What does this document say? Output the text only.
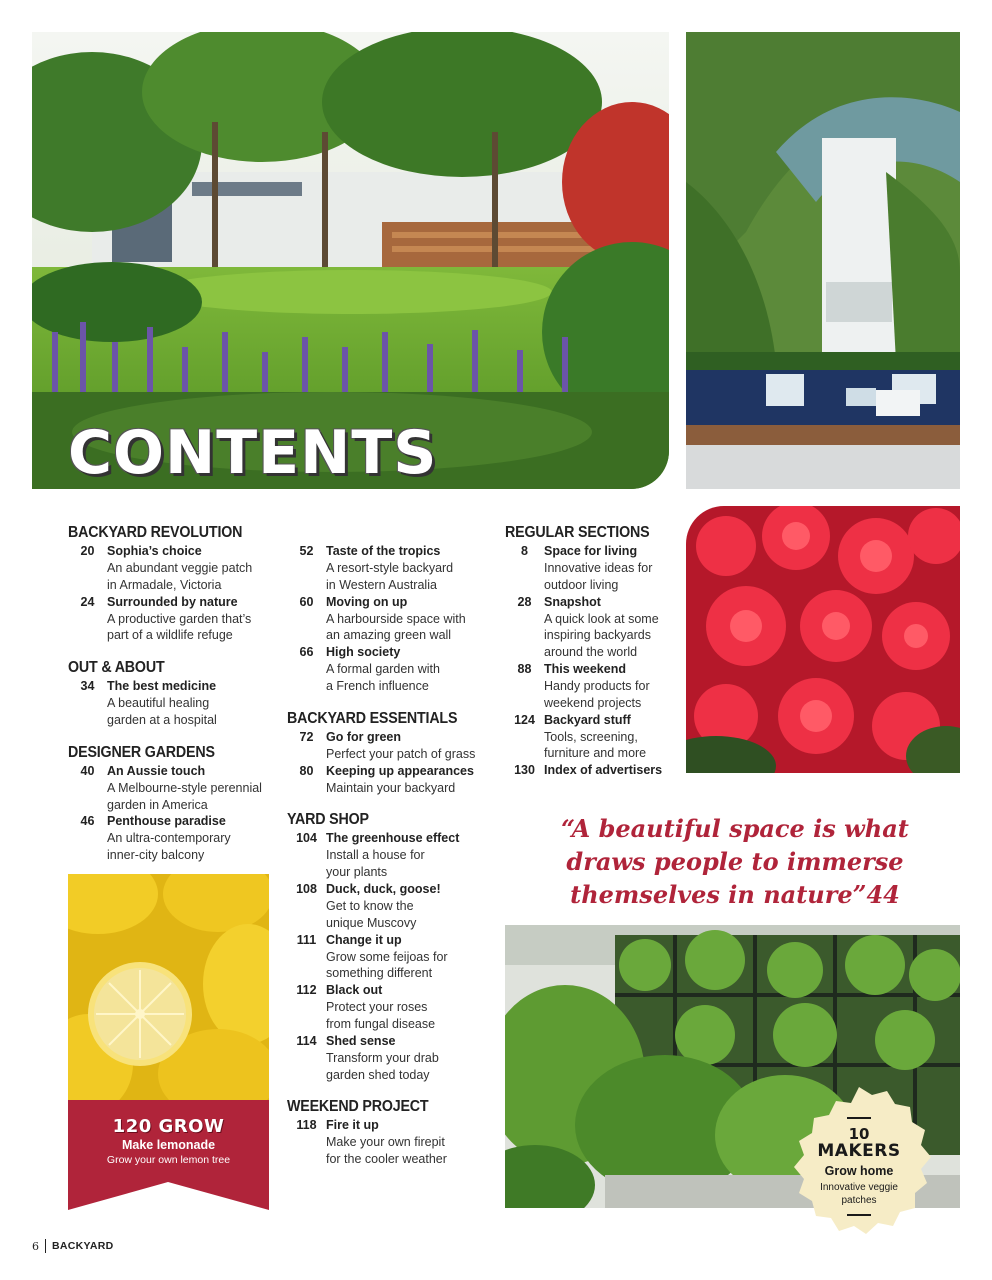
CONTENTS
BACKYARD REVOLUTION
20	Sophia’s choice
An abundant veggie patch
in Armadale, Victoria
24	Surrounded by nature
A productive garden that’s
part of a wildlife refuge
OUT & ABOUT
34	The best medicine
A beautiful healing
garden at a hospital
DESIGNER GARDENS
40	An Aussie touch
A Melbourne-style perennial
garden in America
46	Penthouse paradise
An ultra-contemporary
inner-city balcony
52	Taste of the tropics
A resort-style backyard
in Western Australia
60	Moving on up
A harbourside space with
an amazing green wall
66	High society
A formal garden with
a French influence
BACKYARD ESSENTIALS
72	Go for green
Perfect your patch of grass
80	Keeping up appearances
Maintain your backyard
YARD SHOP
104 The greenhouse effect
Install a house for
your plants
108 Duck, duck, goose!
Get to know the
unique Muscovy
111 Change it up
Grow some feijoas for
something different
112 Black out
Protect your roses
from fungal disease
114 Shed sense
Transform your drab
garden shed today
WEEKEND PROJECT
118 Fire it up
Make your own firepit
for the cooler weather
REGULAR SECTIONS
8	Space for living
Innovative ideas for
outdoor living
28	Snapshot
A quick look at some
inspiring backyards
around the world
88	This weekend
Handy products for
weekend projects
124 Backyard stuff
Tools, screening,
furniture and more
130 Index of advertisers
120 GROW
Make lemonade
Grow your own lemon tree
“A beautiful space is what draws people to immerse themselves in nature”44
10
MAKERS
Grow home
Innovative veggie
patches
6 BACKYARD
